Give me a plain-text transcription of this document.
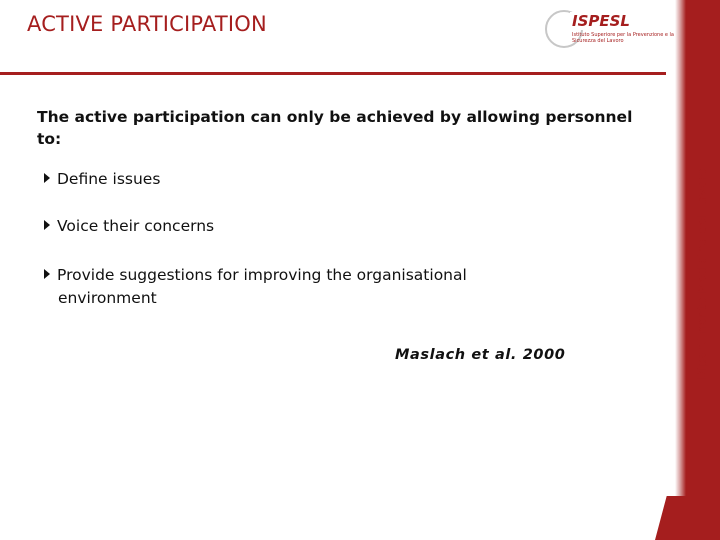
ACTIVE PARTICIPATION	ISPESL
Istituto Superiore per la Prevenzione e la Sicurezza del Lavoro
Dipartimento Medicina del Lavoro
The active participation can only be achieved by allowing personnel to:
Define issues
Voice their concerns
Provide suggestions for improving the organisational
environment
Maslach et al. 2000
